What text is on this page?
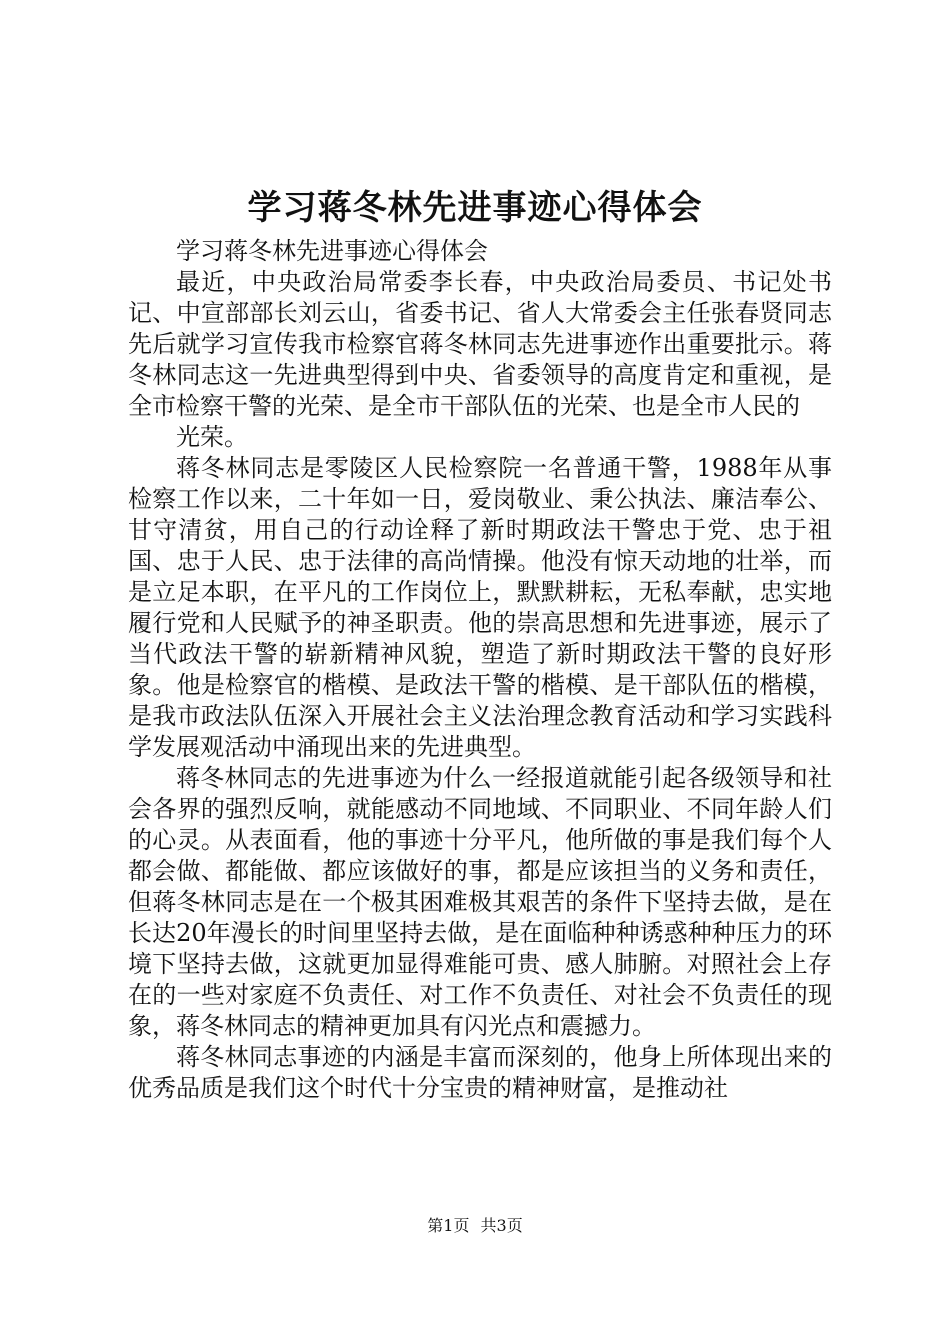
学习蒋冬林先进事迹心得体会

学习蒋冬林先进事迹心得体会

最近，中央政治局常委李长春，中央政治局委员、书记处书记、中宣部部长刘云山，省委书记、省人大常委会主任张春贤同志先后就学习宣传我市检察官蒋冬林同志先进事迹作出重要批示。蒋冬林同志这一先进典型得到中央、省委领导的高度肯定和重视，是全市检察干警的光荣、是全市干部队伍的光荣、也是全市人民的

光荣。

蒋冬林同志是零陵区人民检察院一名普通干警，1988年从事检察工作以来，二十年如一日，爱岗敬业、秉公执法、廉洁奉公、甘守清贫，用自己的行动诠释了新时期政法干警忠于党、忠于祖国、忠于人民、忠于法律的高尚情操。他没有惊天动地的壮举，而是立足本职，在平凡的工作岗位上，默默耕耘，无私奉献，忠实地履行党和人民赋予的神圣职责。他的崇高思想和先进事迹，展示了当代政法干警的崭新精神风貌，塑造了新时期政法干警的良好形象。他是检察官的楷模、是政法干警的楷模、是干部队伍的楷模，是我市政法队伍深入开展社会主义法治理念教育活动和学习实践科学发展观活动中涌现出来的先进典型。

蒋冬林同志的先进事迹为什么一经报道就能引起各级领导和社会各界的强烈反响，就能感动不同地域、不同职业、不同年龄人们的心灵。从表面看，他的事迹十分平凡，他所做的事是我们每个人都会做、都能做、都应该做好的事，都是应该担当的义务和责任，但蒋冬林同志是在一个极其困难极其艰苦的条件下坚持去做，是在长达20年漫长的时间里坚持去做，是在面临种种诱惑种种压力的环境下坚持去做，这就更加显得难能可贵、感人肺腑。对照社会上存在的一些对家庭不负责任、对工作不负责任、对社会不负责任的现象，蒋冬林同志的精神更加具有闪光点和震撼力。

蒋冬林同志事迹的内涵是丰富而深刻的，他身上所体现出来的优秀品质是我们这个时代十分宝贵的精神财富，是推动社

第1页 共3页
